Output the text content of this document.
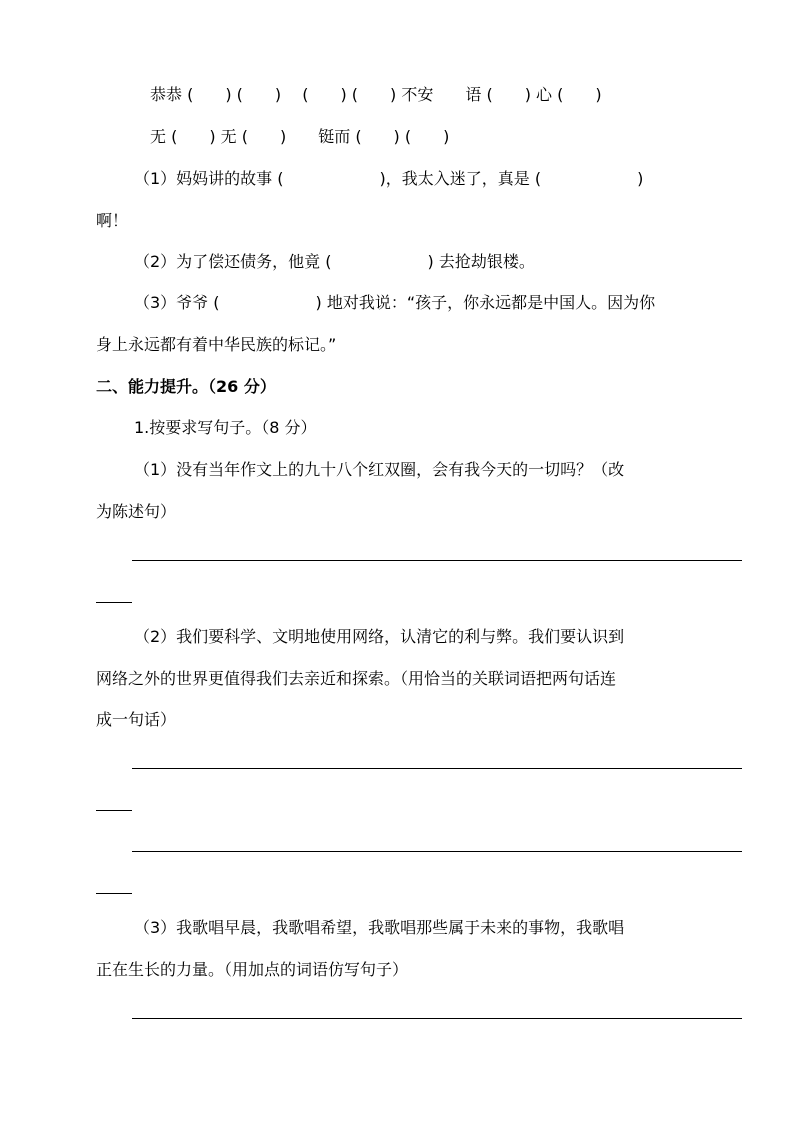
恭恭 (　　) (　　)　 (　　) (　　) 不安　　语 (　　) 心 (　　)
无 (　　) 无 (　　)　　铤而 (　　) (　　)
（1）妈妈讲的故事 (　　　　　　)，我太入迷了，真是 (　　　　　　)
啊！
（2）为了偿还债务，他竟 (　　　　　　) 去抢劫银楼。
（3）爷爷 (　　　　　　) 地对我说：“孩子，你永远都是中国人。因为你
身上永远都有着中华民族的标记。”
二、能力提升。（26 分）
1.按要求写句子。（8 分）
（1）没有当年作文上的九十八个红双圈，会有我今天的一切吗？（改
为陈述句）
（2）我们要科学、文明地使用网络，认清它的利与弊。我们要认识到
网络之外的世界更值得我们去亲近和探索。（用恰当的关联词语把两句话连
成一句话）
（3）我歌唱早晨，我歌唱希望，我歌唱那些属于未来的事物，我歌唱
正在生长的力量。（用加点的词语仿写句子）
